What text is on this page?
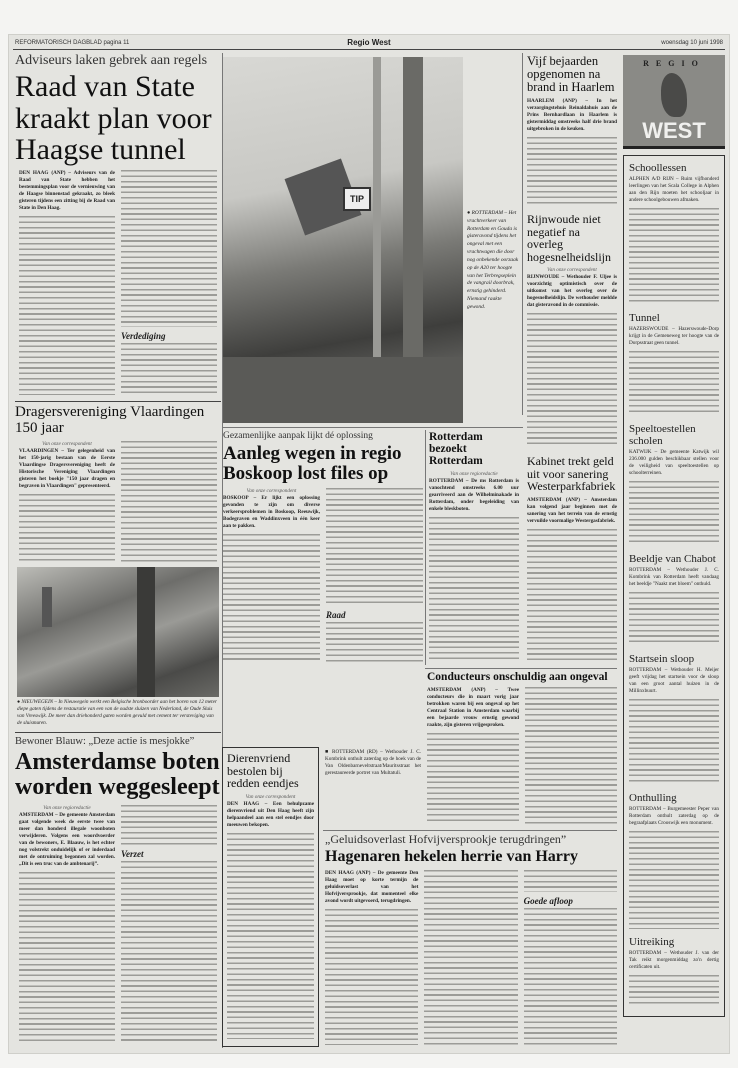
REFORMATORISCH DAGBLAD pagina 11	Regio West	woensdag 10 juni 1998
Adviseurs laken gebrek aan regels
Raad van State kraakt plan voor Haagse tunnel
DEN HAAG (ANP) – Adviseurs van de Raad van State hebben het bestemmingsplan voor de vernieuwing van de Haagse binnenstad gekraakt, zo bleek gisteren tijdens een zitting bij de Raad van State in Den Haag.
Verdediging
Dragersvereniging Vlaardingen 150 jaar
Van onze correspondent
VLAARDINGEN – Ter gelegenheid van het 150-jarig bestaan van de Eerste Vlaardingse Dragersvereniging heeft de Historische Vereniging Vlaardingen gisteren het boekje "150 jaar dragen en begraven in Vlaardingen" gepresenteerd.
● NIEUWEGEIN – In Nieuwegein werkt een Belgische bronboorder aan het boren van 12 meter diepe gaten tijdens de restauratie van een van de oudste sluizen van Nederland, de Oude Sluis van Vreeswijk. De meer dan driehonderd gaten worden gevuld met cement ter versteviging van de sluismuren.
Bewoner Blauw: „Deze actie is mesjokke”
Amsterdamse boten worden weggesleept
Van onze regioredactie
AMSTERDAM – De gemeente Amsterdam gaat volgende week de eerste twee van meer dan honderd illegale woonboten verwijderen. Volgens een woordvoerder van de bewoners, E. Blaauw, is het echter nog volstrekt onduidelijk of er inderdaad met de ontruiming begonnen zal worden. „Dit is een truc van de ambtenarij”.
Verzet
TIP
● ROTTERDAM – Het vrachtverkeer van Rotterdam en Gouda is gisteravond tijdens het ongeval met een vrachtwagen die door nog onbekende oorzaak op de A20 ter hoogte van het Terbregseplein de vangrail doorbrak, ernstig gehinderd. Niemand raakte gewond.
Vijf bejaarden opgenomen na brand in Haarlem
HAARLEM (ANP) – In het verzorgingstehuis Reinaldahuis aan de Prins Bernhardlaan in Haarlem is gistermiddag omstreeks half drie brand uitgebroken in de keuken.
Rijnwoude niet negatief na overleg hogesnelheidslijn
Van onze correspondent
RIJNWOUDE – Wethouder F. Uljee is voorzichtig optimistisch over de uitkomst van het overleg over de hogesnelheidslijn. De wethouder meldde dat gisteravond in de commissie.
Kabinet trekt geld uit voor sanering Westerparkfabriek
AMSTERDAM (ANP) – Amsterdam kan volgend jaar beginnen met de sanering van het terrein van de ernstig vervuilde voormalige Westergasfabriek.
Gezamenlijke aanpak lijkt dé oplossing
Aanleg wegen in regio Boskoop lost files op
Van onze correspondent
BOSKOOP – Er lijkt een oplossing gevonden te zijn om diverse verkeersproblemen in Boskoop, Reeuwijk, Bodegraven en Waddinxveen in één keer aan te pakken.
Raad
Rotterdam bezoekt Rotterdam
Van onze regioredactie
ROTTERDAM – De ms Rotterdam is vanochtend omstreeks 6.00 uur gearriveerd aan de Wilhelminakade in Rotterdam, onder begeleiding van enkele bleskboten.
Conducteurs onschuldig aan ongeval
AMSTERDAM (ANP) – Twee conducteurs die in maart vorig jaar betrokken waren bij een ongeval op het Centraal Station in Amsterdam waarbij een bejaarde vrouw ernstig gewond raakte, zijn gisteren vrijgesproken.
Dierenvriend bestolen bij redden eendjes
Van onze correspondent
DEN HAAG – Een behulpzame dierenvriend uit Den Haag heeft zijn helpaandeel aan een stel eendjes door meeuwen bekopen.
■ ROTTERDAM (RD) – Wethouder J. C. Kombrink onthult zaterdag op de hoek van de Van Oldenbarneveltstraat/Mauritsstraat het gerestaureerde portret van Multatuli.
„Geluidsoverlast Hofvijversprookje terugdringen”
Hagenaren hekelen herrie van Harry
DEN HAAG (ANP) – De gemeente Den Haag moet op korte termijn de geluidsoverlast van het Hofvijversprookje, dat momenteel elke avond wordt uitgevoerd, terugdringen.	Goede afloop
REGIO
WEST
Schoollessen
ALPHEN A/D RIJN – Ruim vijfhonderd leerlingen van het Scala College in Alphen aan den Rijn moeten het schooljaar in andere schoolgebouwen afmaken.
Tunnel
HAZERSWOUDE – Hazerswoude-Dorp krijgt in de Gemeneweg ter hoogte van de Dorpsstraat geen tunnel.
Speeltoestellen scholen
KATWIJK – De gemeente Katwijk wil 236.000 gulden beschikbaar stellen voor de veiligheid van speeltoestellen op schoolterreinen.
Beeldje van Chabot
ROTTERDAM – Wethouder J. C. Kombrink van Rotterdam heeft vandaag het beeldje "Naakt met bloem" onthuld.
Startsein sloop
ROTTERDAM – Wethouder H. Meijer geeft vrijdag het startsein voor de sloop van een groot aantal huizen in de Millinxbuurt.
Onthulling
ROTTERDAM – Burgemeester Peper van Rotterdam onthult zaterdag op de begraafplaats Crooswijk een monument.
Uitreiking
ROTTERDAM – Wethouder J. van der Tak reikt morgenmiddag zo'n dertig certificaten uit.
